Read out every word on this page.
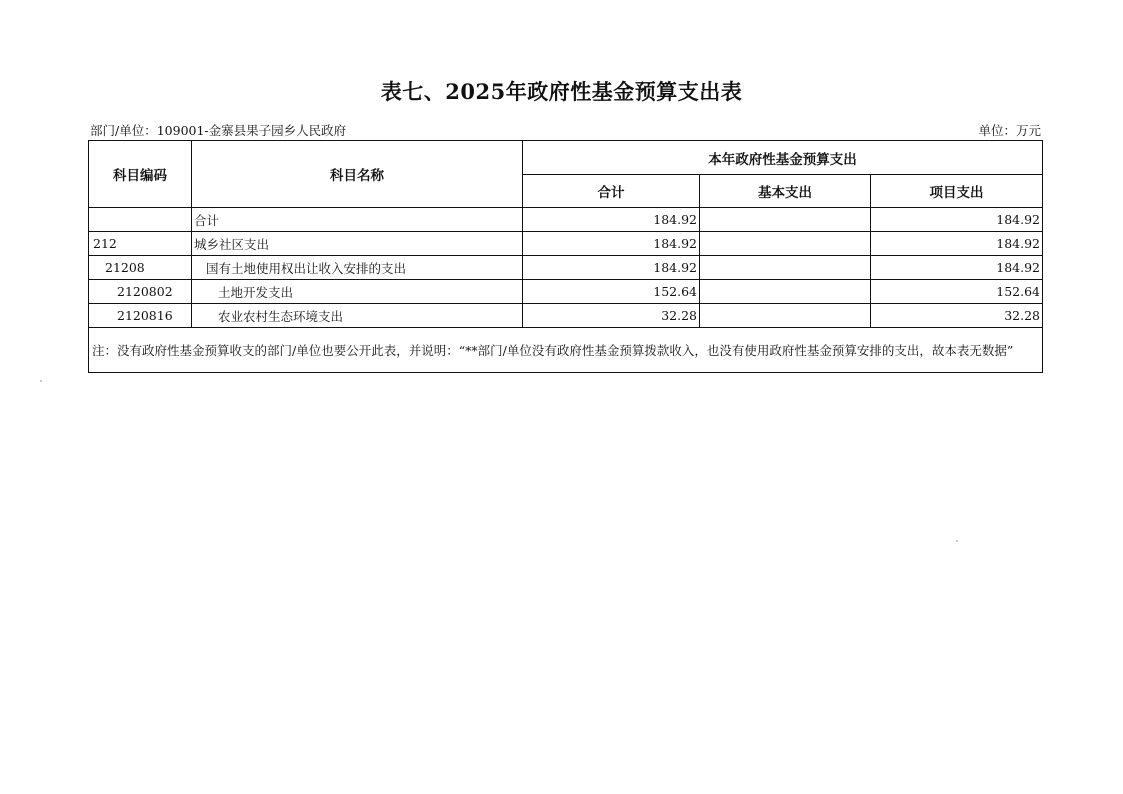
表七、2025年政府性基金预算支出表
部门/单位：109001-金寨县果子园乡人民政府	单位：万元
科目编码	科目名称	本年政府性基金预算支出		
		合计	基本支出	项目支出
	合计	184.92		184.92
212	城乡社区支出	184.92		184.92
21208	国有土地使用权出让收入安排的支出	184.92		184.92
2120802	土地开发支出	152.64		152.64
2120816	农业农村生态环境支出	32.28		32.28
注：没有政府性基金预算收支的部门/单位也要公开此表，并说明：“**部门/单位没有政府性基金预算拨款收入，也没有使用政府性基金预算安排的支出，故本表无数据”				
